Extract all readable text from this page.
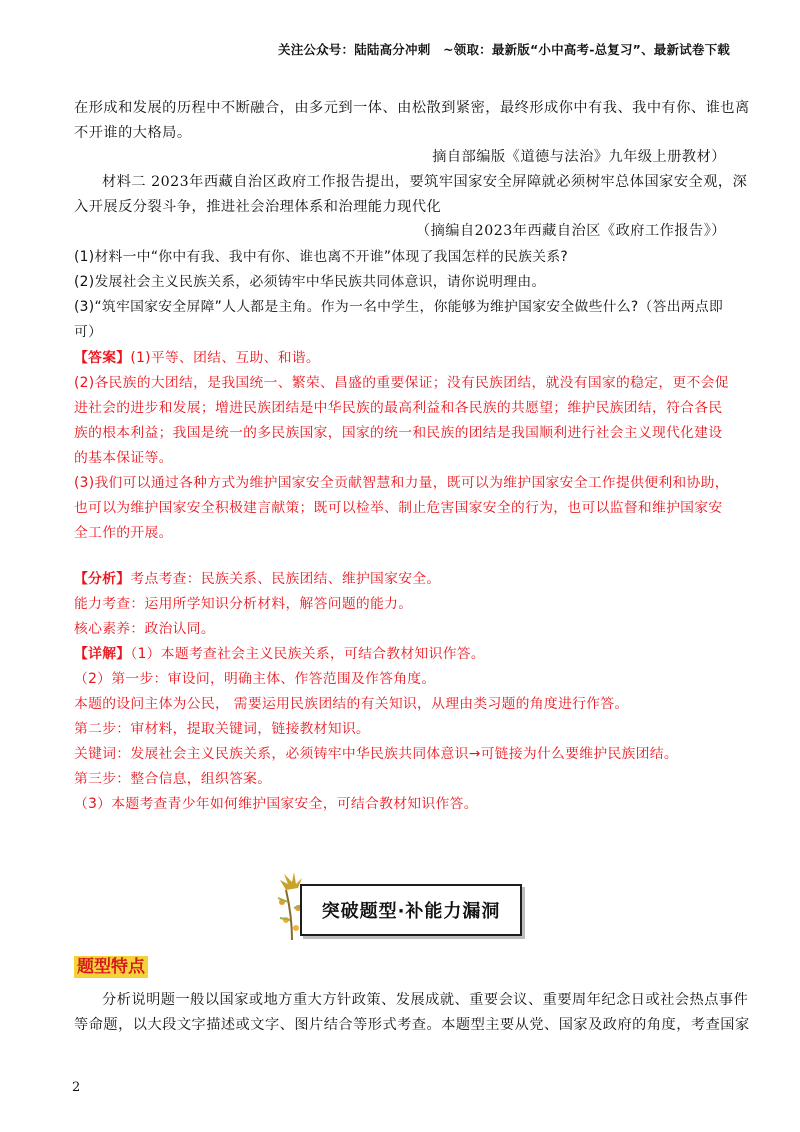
关注公众号：陆陆高分冲刺　~领取：最新版“小中高考-总复习”、最新试卷下载
在形成和发展的历程中不断融合，由多元到一体、由松散到紧密，最终形成你中有我、我中有你、谁也离
不开谁的大格局。
摘自部编版《道德与法治》九年级上册教材）
材料二 2023年西藏自治区政府工作报告提出，要筑牢国家安全屏障就必须树牢总体国家安全观，深
入开展反分裂斗争，推进社会治理体系和治理能力现代化
（摘编自2023年西藏自治区《政府工作报告》）
(1)材料一中“你中有我、我中有你、谁也离不开谁”体现了我国怎样的民族关系?
(2)发展社会主义民族关系，必须铸牢中华民族共同体意识，请你说明理由。
(3)“筑牢国家安全屏障”人人都是主角。作为一名中学生，你能够为维护国家安全做些什么?（答出两点即
可）
【答案】(1)平等、团结、互助、和谐。
(2)各民族的大团结，是我国统一、繁荣、昌盛的重要保证；没有民族团结，就没有国家的稳定，更不会促
进社会的进步和发展；增进民族团结是中华民族的最高利益和各民族的共愿望；维护民族团结，符合各民
族的根本利益；我国是统一的多民族国家，国家的统一和民族的团结是我国顺利进行社会主义现代化建设
的基本保证等。
(3)我们可以通过各种方式为维护国家安全贡献智慧和力量，既可以为维护国家安全工作提供便利和协助，
也可以为维护国家安全积极建言献策；既可以检举、制止危害国家安全的行为，也可以监督和维护国家安
全工作的开展。
【分析】考点考查：民族关系、民族团结、维护国家安全。
能力考查：运用所学知识分析材料，解答问题的能力。
核心素养：政治认同。
【详解】（1）本题考查社会主义民族关系，可结合教材知识作答。
（2）第一步：审设问，明确主体、作答范围及作答角度。
本题的设问主体为公民， 需要运用民族团结的有关知识，从理由类习题的角度进行作答。
第二步：审材料，提取关键词，链接教材知识。
关键词：发展社会主义民族关系，必须铸牢中华民族共同体意识→可链接为什么要维护民族团结。
第三步：整合信息，组织答案。
（3）本题考查青少年如何维护国家安全，可结合教材知识作答。
突破题型·补能力漏洞
题型特点
分析说明题一般以国家或地方重大方针政策、发展成就、重要会议、重要周年纪念日或社会热点事件
等命题，以大段文字描述或文字、图片结合等形式考查。本题型主要从党、国家及政府的角度，考查国家
2
